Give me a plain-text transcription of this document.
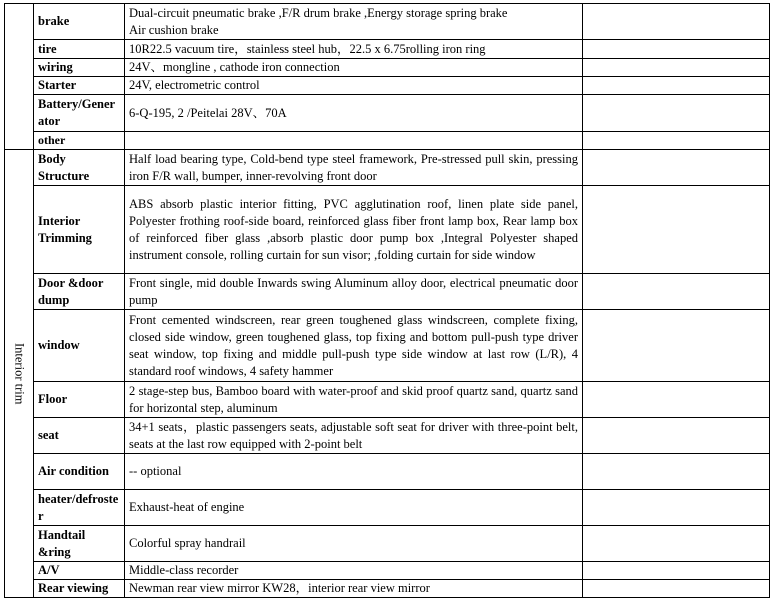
	brake	Dual-circuit pneumatic brake ,F/R drum brake ,Energy storage spring brake
Air cushion brake	
	tire	10R22.5 vacuum tire，stainless steel hub，22.5 x 6.75rolling iron ring	
	wiring	24V、mongline , cathode iron connection	
	Starter	24V, electrometric control	
	Battery/Generator	6-Q-195, 2 /Peitelai 28V、70A	
	other		

Interior trim	Body Structure	Half load bearing type, Cold-bend type steel framework, Pre-stressed pull skin, pressing iron F/R wall, bumper, inner-revolving front door	
	Interior Trimming	ABS absorb plastic interior fitting, PVC agglutination roof, linen plate side panel, Polyester frothing roof-side board, reinforced glass fiber front lamp box, Rear lamp box of reinforced fiber glass ,absorb plastic door pump box ,Integral Polyester shaped instrument console, rolling curtain for sun visor; ,folding curtain for side window	
	Door &door dump	Front single, mid double Inwards swing Aluminum alloy door, electrical pneumatic door pump	
	window	Front cemented windscreen, rear green toughened glass windscreen, complete fixing, closed side window, green toughened glass, top fixing and bottom pull-push type driver seat window, top fixing and middle pull-push type side window at last row (L/R), 4 standard roof windows, 4 safety hammer	
	Floor	2 stage-step bus, Bamboo board with water-proof and skid proof quartz sand, quartz sand for horizontal step, aluminum	
	seat	34+1 seats，plastic passengers seats, adjustable soft seat for driver with three-point belt, seats at the last row equipped with 2-point belt	
	Air condition	-- optional	
	heater/defroster	Exhaust-heat of engine	
	Handtail &ring	Colorful spray handrail	
	A/V	Middle-class recorder	
	Rear viewing	Newman rear view mirror KW28，interior rear view mirror	
